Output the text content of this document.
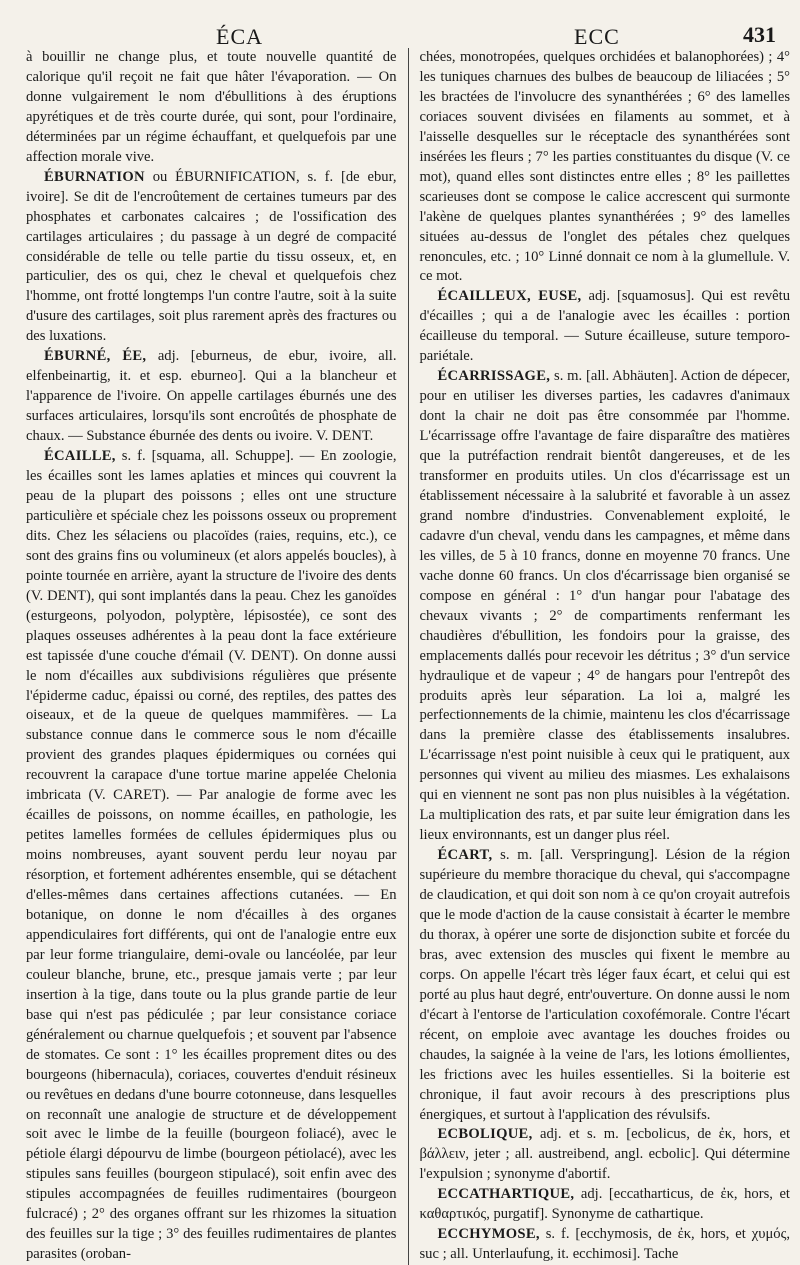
ÉCA	ECC	431

à bouillir ne change plus, et toute nouvelle quantité de calorique qu'il reçoit ne fait que hâter l'évaporation. — On donne vulgairement le nom d'ébullitions à des éruptions apyrétiques et de très courte durée, qui sont, pour l'ordinaire, déterminées par un régime échauffant, et quelquefois par une affection morale vive.

ÉBURNATION ou ÉBURNIFICATION, s. f. [de ebur, ivoire]. Se dit de l'encroûtement de certaines tumeurs par des phosphates et carbonates calcaires ; de l'ossification des cartilages articulaires ; du passage à un degré de compacité considérable de telle ou telle partie du tissu osseux, et, en particulier, des os qui, chez le cheval et quelquefois chez l'homme, ont frotté longtemps l'un contre l'autre, soit à la suite d'usure des cartilages, soit plus rarement après des fractures ou des luxations.

ÉBURNÉ, ÉE, adj. [eburneus, de ebur, ivoire, all. elfenbeinartig, it. et esp. eburneo]. Qui a la blancheur et l'apparence de l'ivoire. On appelle cartilages éburnés une des surfaces articulaires, lorsqu'ils sont encroûtés de phosphate de chaux. — Substance éburnée des dents ou ivoire. V. DENT.

ÉCAILLE, s. f. [squama, all. Schuppe]. — En zoologie, les écailles sont les lames aplaties et minces qui couvrent la peau de la plupart des poissons ; elles ont une structure particulière et spéciale chez les poissons osseux ou proprement dits. Chez les sélaciens ou placoïdes (raies, requins, etc.), ce sont des grains fins ou volumineux (et alors appelés boucles), à pointe tournée en arrière, ayant la structure de l'ivoire des dents (V. DENT), qui sont implantés dans la peau. Chez les ganoïdes (esturgeons, polyodon, polyptère, lépisostée), ce sont des plaques osseuses adhérentes à la peau dont la face extérieure est tapissée d'une couche d'émail (V. DENT). On donne aussi le nom d'écailles aux subdivisions régulières que présente l'épiderme caduc, épaissi ou corné, des reptiles, des pattes des oiseaux, et de la queue de quelques mammifères. — La substance connue dans le commerce sous le nom d'écaille provient des grandes plaques épidermiques ou cornées qui recouvrent la carapace d'une tortue marine appelée Chelonia imbricata (V. CARET). — Par analogie de forme avec les écailles de poissons, on nomme écailles, en pathologie, les petites lamelles formées de cellules épidermiques plus ou moins nombreuses, ayant souvent perdu leur noyau par résorption, et fortement adhérentes ensemble, qui se détachent d'elles-mêmes dans certaines affections cutanées. — En botanique, on donne le nom d'écailles à des organes appendiculaires fort différents, qui ont de l'analogie entre eux par leur forme triangulaire, demi-ovale ou lancéolée, par leur couleur blanche, brune, etc., presque jamais verte ; par leur insertion à la tige, dans toute ou la plus grande partie de leur base qui n'est pas pédiculée ; par leur consistance coriace généralement ou charnue quelquefois ; et souvent par l'absence de stomates. Ce sont : 1° les écailles proprement dites ou des bourgeons (hibernacula), coriaces, couvertes d'enduit résineux ou revêtues en dedans d'une bourre cotonneuse, dans lesquelles on reconnaît une analogie de structure et de développement soit avec le limbe de la feuille (bourgeon foliacé), avec le pétiole élargi dépourvu de limbe (bourgeon pétiolacé), avec les stipules sans feuilles (bourgeon stipulacé), soit enfin avec des stipules accompagnées de feuilles rudimentaires (bourgeon fulcracé) ; 2° des organes offrant sur les rhizomes la situation des feuilles sur la tige ; 3° des feuilles rudimentaires de plantes parasites (oroban-

chées, monotropées, quelques orchidées et balanophorées) ; 4° les tuniques charnues des bulbes de beaucoup de liliacées ; 5° les bractées de l'involucre des synanthérées ; 6° des lamelles coriaces souvent divisées en filaments au sommet, et à l'aisselle desquelles sur le réceptacle des synanthérées sont insérées les fleurs ; 7° les parties constituantes du disque (V. ce mot), quand elles sont distinctes entre elles ; 8° les paillettes scarieuses dont se compose le calice accrescent qui surmonte l'akène de quelques plantes synanthérées ; 9° des lamelles situées au-dessus de l'onglet des pétales chez quelques renoncules, etc. ; 10° Linné donnait ce nom à la glumellule. V. ce mot.

ÉCAILLEUX, EUSE, adj. [squamosus]. Qui est revêtu d'écailles ; qui a de l'analogie avec les écailles : portion écailleuse du temporal. — Suture écailleuse, suture temporo-pariétale.

ÉCARRISSAGE, s. m. [all. Abhäuten]. Action de dépecer, pour en utiliser les diverses parties, les cadavres d'animaux dont la chair ne doit pas être consommée par l'homme. L'écarrissage offre l'avantage de faire disparaître des matières que la putréfaction rendrait bientôt dangereuses, et de les transformer en produits utiles. Un clos d'écarrissage est un établissement nécessaire à la salubrité et favorable à un assez grand nombre d'industries. Convenablement exploité, le cadavre d'un cheval, vendu dans les campagnes, et même dans les villes, de 5 à 10 francs, donne en moyenne 70 francs. Une vache donne 60 francs. Un clos d'écarrissage bien organisé se compose en général : 1° d'un hangar pour l'abatage des chevaux vivants ; 2° de compartiments renfermant les chaudières d'ébullition, les fondoirs pour la graisse, des emplacements dallés pour recevoir les détritus ; 3° d'un service hydraulique et de vapeur ; 4° de hangars pour l'entrepôt des produits après leur séparation. La loi a, malgré les perfectionnements de la chimie, maintenu les clos d'écarrissage dans la première classe des établissements insalubres. L'écarrissage n'est point nuisible à ceux qui le pratiquent, aux personnes qui vivent au milieu des miasmes. Les exhalaisons qui en viennent ne sont pas non plus nuisibles à la végétation. La multiplication des rats, et par suite leur émigration dans les lieux environnants, est un danger plus réel.

ÉCART, s. m. [all. Verspringung]. Lésion de la région supérieure du membre thoracique du cheval, qui s'accompagne de claudication, et qui doit son nom à ce qu'on croyait autrefois que le mode d'action de la cause consistait à écarter le membre du thorax, à opérer une sorte de disjonction subite et forcée du bras, avec extension des muscles qui fixent le membre au corps. On appelle l'écart très léger faux écart, et celui qui est porté au plus haut degré, entr'ouverture. On donne aussi le nom d'écart à l'entorse de l'articulation coxofémorale. Contre l'écart récent, on emploie avec avantage les douches froides ou chaudes, la saignée à la veine de l'ars, les lotions émollientes, les frictions avec les huiles essentielles. Si la boiterie est chronique, il faut avoir recours à des prescriptions plus énergiques, et surtout à l'application des révulsifs.

ECBOLIQUE, adj. et s. m. [ecbolicus, de ἐκ, hors, et βάλλειν, jeter ; all. austreibend, angl. ecbolic]. Qui détermine l'expulsion ; synonyme d'abortif.

ECCATHARTIQUE, adj. [eccatharticus, de ἐκ, hors, et καθαρτικός, purgatif]. Synonyme de cathartique.

ECCHYMOSE, s. f. [ecchymosis, de ἐκ, hors, et χυμός, suc ; all. Unterlaufung, it. ecchimosi]. Tache
